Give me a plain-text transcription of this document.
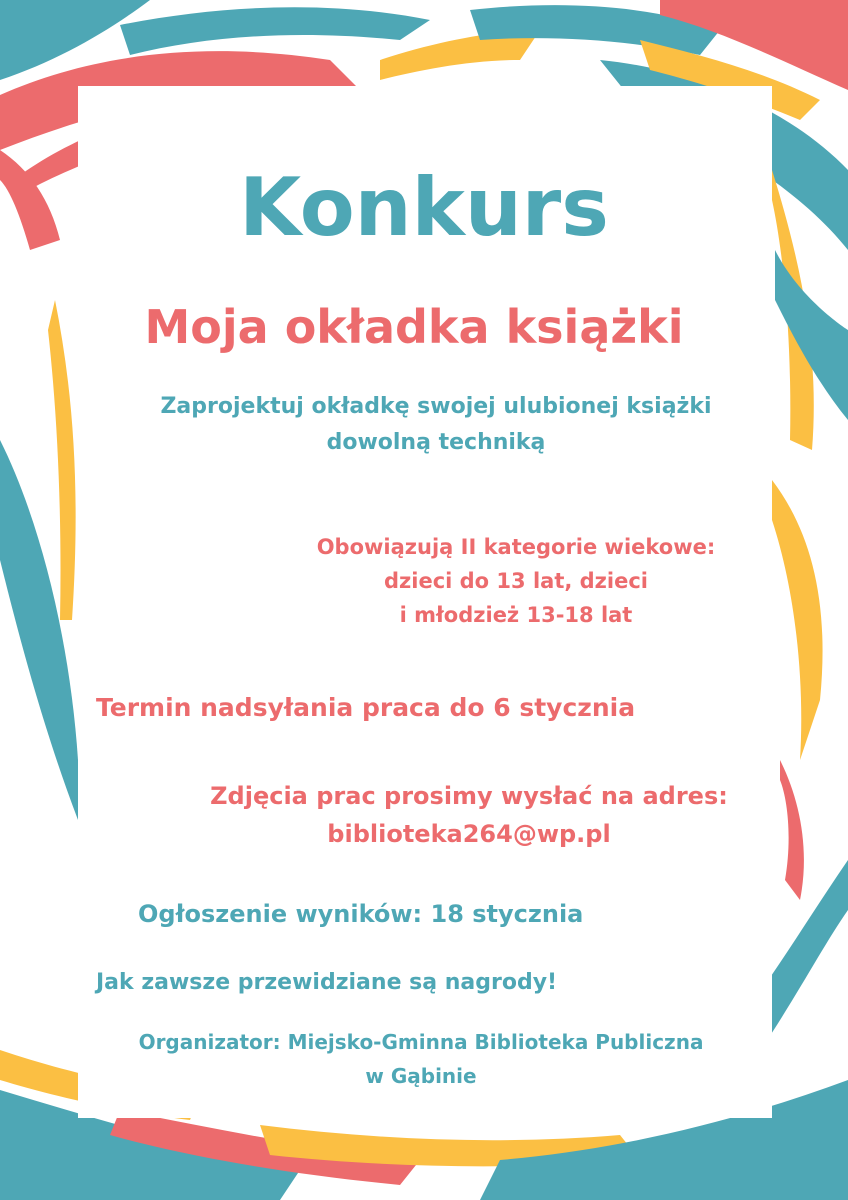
Konkurs
Moja okładka książki
Zaprojektuj okładkę swojej ulubionej książki
dowolną techniką
Obowiązują II kategorie wiekowe:
dzieci do 13 lat, dzieci
i młodzież 13-18 lat
Termin nadsyłania praca do 6 stycznia
Zdjęcia prac prosimy wysłać na adres:
biblioteka264@wp.pl
Ogłoszenie wyników: 18 stycznia
Jak zawsze przewidziane są nagrody!
Organizator: Miejsko-Gminna Biblioteka Publiczna
w Gąbinie
